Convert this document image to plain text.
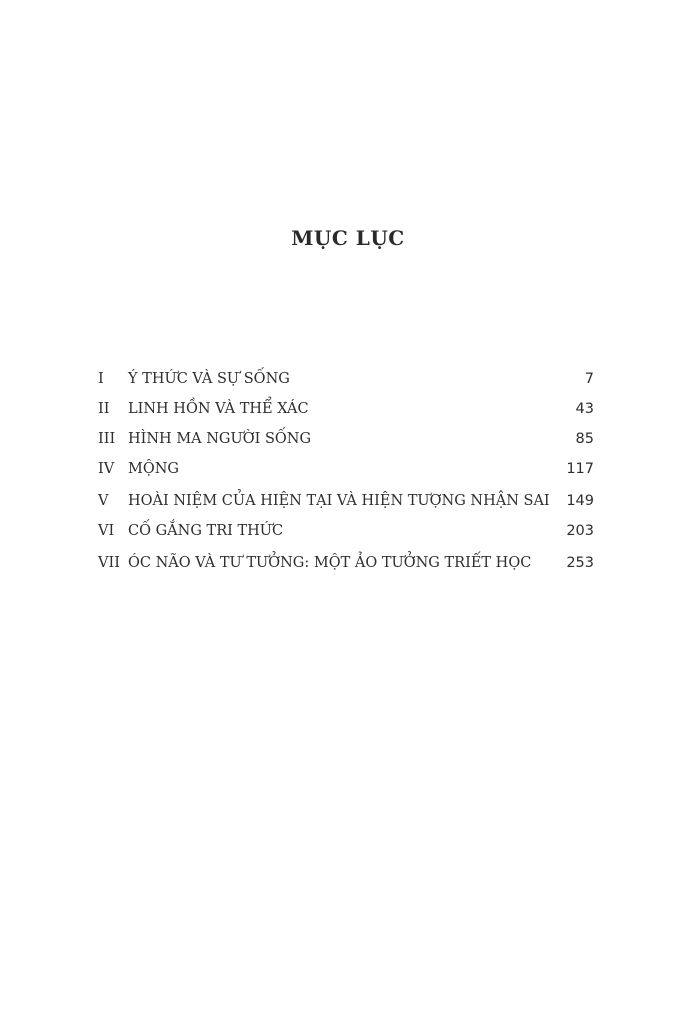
MỤC LỤC
I	Ý THỨC VÀ SỰ SỐNG	7
II	LINH HỒN VÀ THỂ XÁC	43
III HÌNH MA NGƯỜI SỐNG	85
IV MỘNG	117
V	HOÀI NIỆM CỦA HIỆN TẠI VÀ HIỆN TƯỢNG NHẬN SAI 149
VI CỐ GẮNG TRI THỨC	203
VII ÓC NÃO VÀ TƯ TƯỞNG: MỘT ẢO TƯỞNG TRIẾT HỌC 253
